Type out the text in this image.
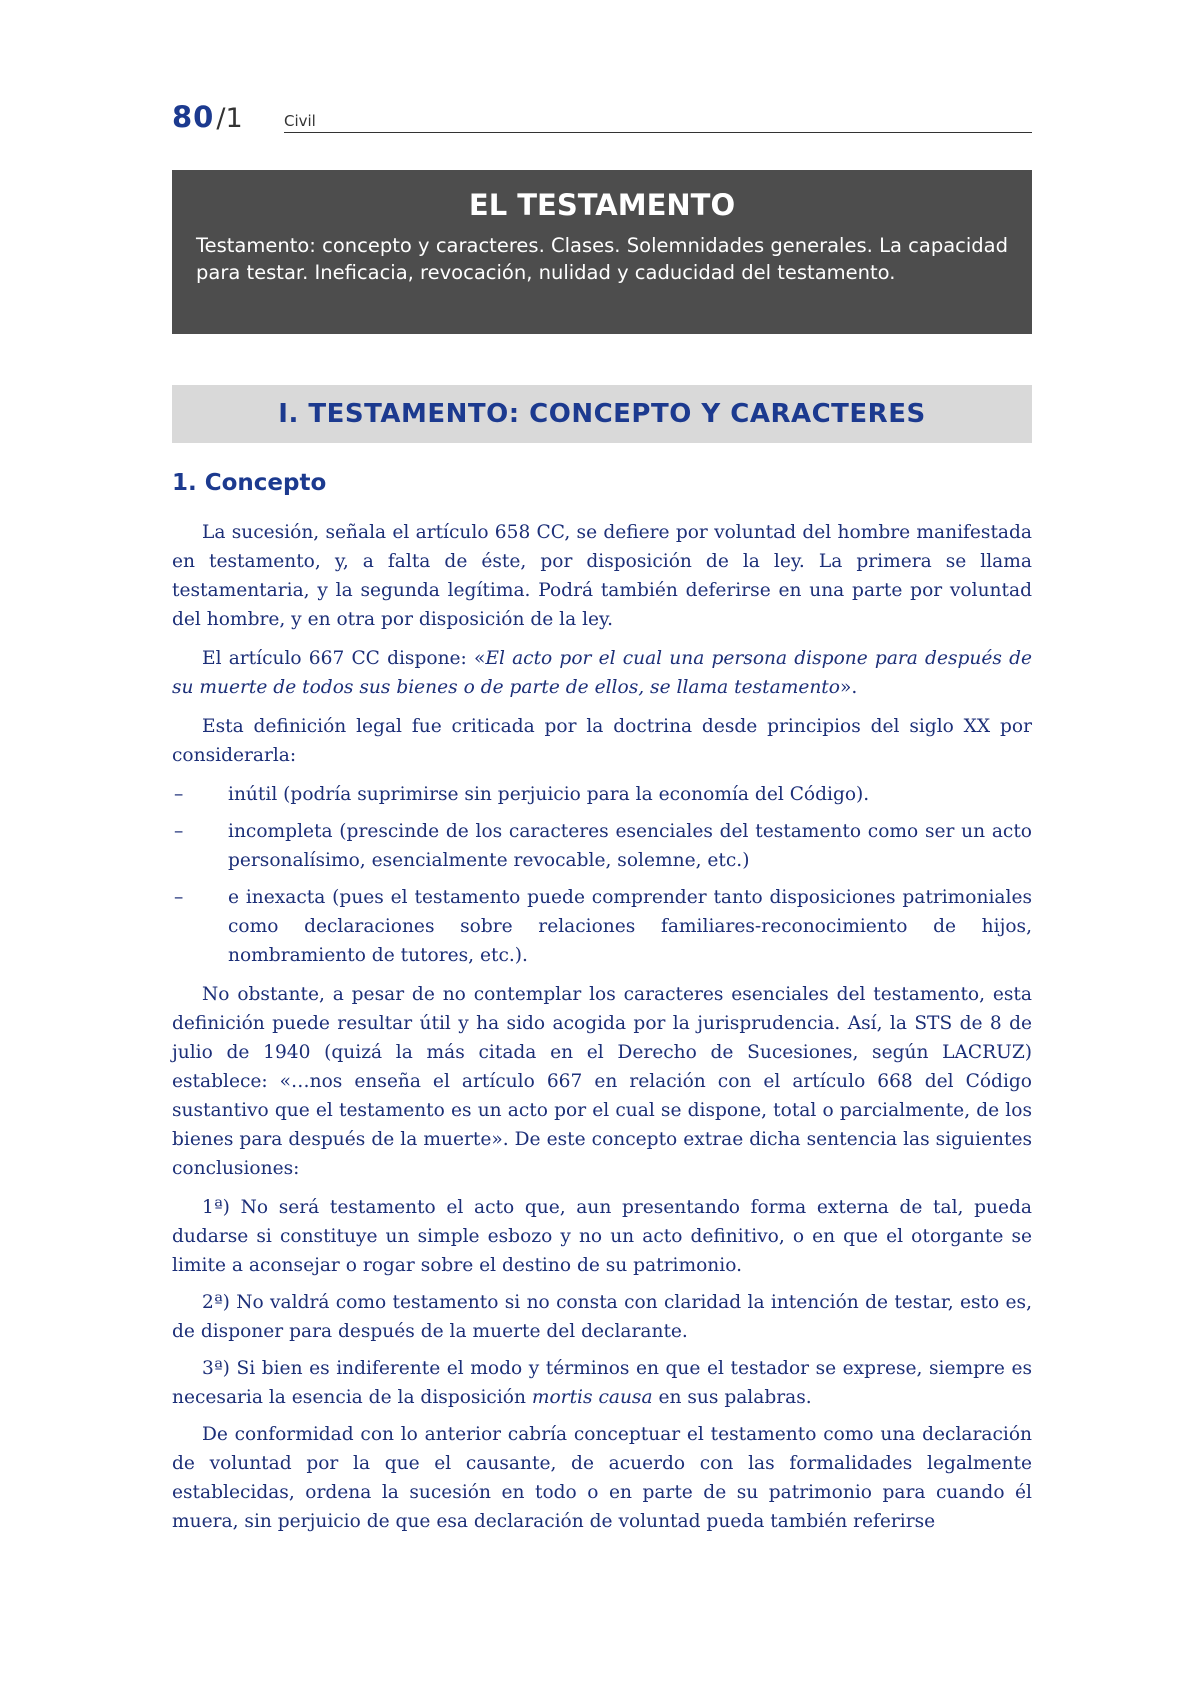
80/1	Civil
EL TESTAMENTO

Testamento: concepto y caracteres. Clases. Solemnidades generales. La capacidad para testar. Ineficacia, revocación, nulidad y caducidad del testamento.

I. TESTAMENTO: CONCEPTO Y CARACTERES
1. Concepto

La sucesión, señala el artículo 658 CC, se defiere por voluntad del hombre manifestada en testamento, y, a falta de éste, por disposición de la ley. La primera se llama testamentaria, y la segunda legítima. Podrá también deferirse en una parte por voluntad del hombre, y en otra por disposición de la ley.

El artículo 667 CC dispone: «El acto por el cual una persona dispone para después de su muerte de todos sus bienes o de parte de ellos, se llama testamento».

Esta definición legal fue criticada por la doctrina desde principios del siglo XX por considerarla:

– inútil (podría suprimirse sin perjuicio para la economía del Código).
– incompleta (prescinde de los caracteres esenciales del testamento como ser un acto personalísimo, esencialmente revocable, solemne, etc.)
– e inexacta (pues el testamento puede comprender tanto disposiciones patrimoniales como declaraciones sobre relaciones familiares-reconocimiento de hijos, nombramiento de tutores, etc.).

No obstante, a pesar de no contemplar los caracteres esenciales del testamento, esta definición puede resultar útil y ha sido acogida por la jurisprudencia. Así, la STS de 8 de julio de 1940 (quizá la más citada en el Derecho de Sucesiones, según LACRUZ) establece: «…nos enseña el artículo 667 en relación con el artículo 668 del Código sustantivo que el testamento es un acto por el cual se dispone, total o parcialmente, de los bienes para después de la muerte». De este concepto extrae dicha sentencia las siguientes conclusiones:

1ª) No será testamento el acto que, aun presentando forma externa de tal, pueda dudarse si constituye un simple esbozo y no un acto definitivo, o en que el otorgante se limite a aconsejar o rogar sobre el destino de su patrimonio.

2ª) No valdrá como testamento si no consta con claridad la intención de testar, esto es, de disponer para después de la muerte del declarante.

3ª) Si bien es indiferente el modo y términos en que el testador se exprese, siempre es necesaria la esencia de la disposición mortis causa en sus palabras.

De conformidad con lo anterior cabría conceptuar el testamento como una declaración de voluntad por la que el causante, de acuerdo con las formalidades legalmente establecidas, ordena la sucesión en todo o en parte de su patrimonio para cuando él muera, sin perjuicio de que esa declaración de voluntad pueda también referirse
